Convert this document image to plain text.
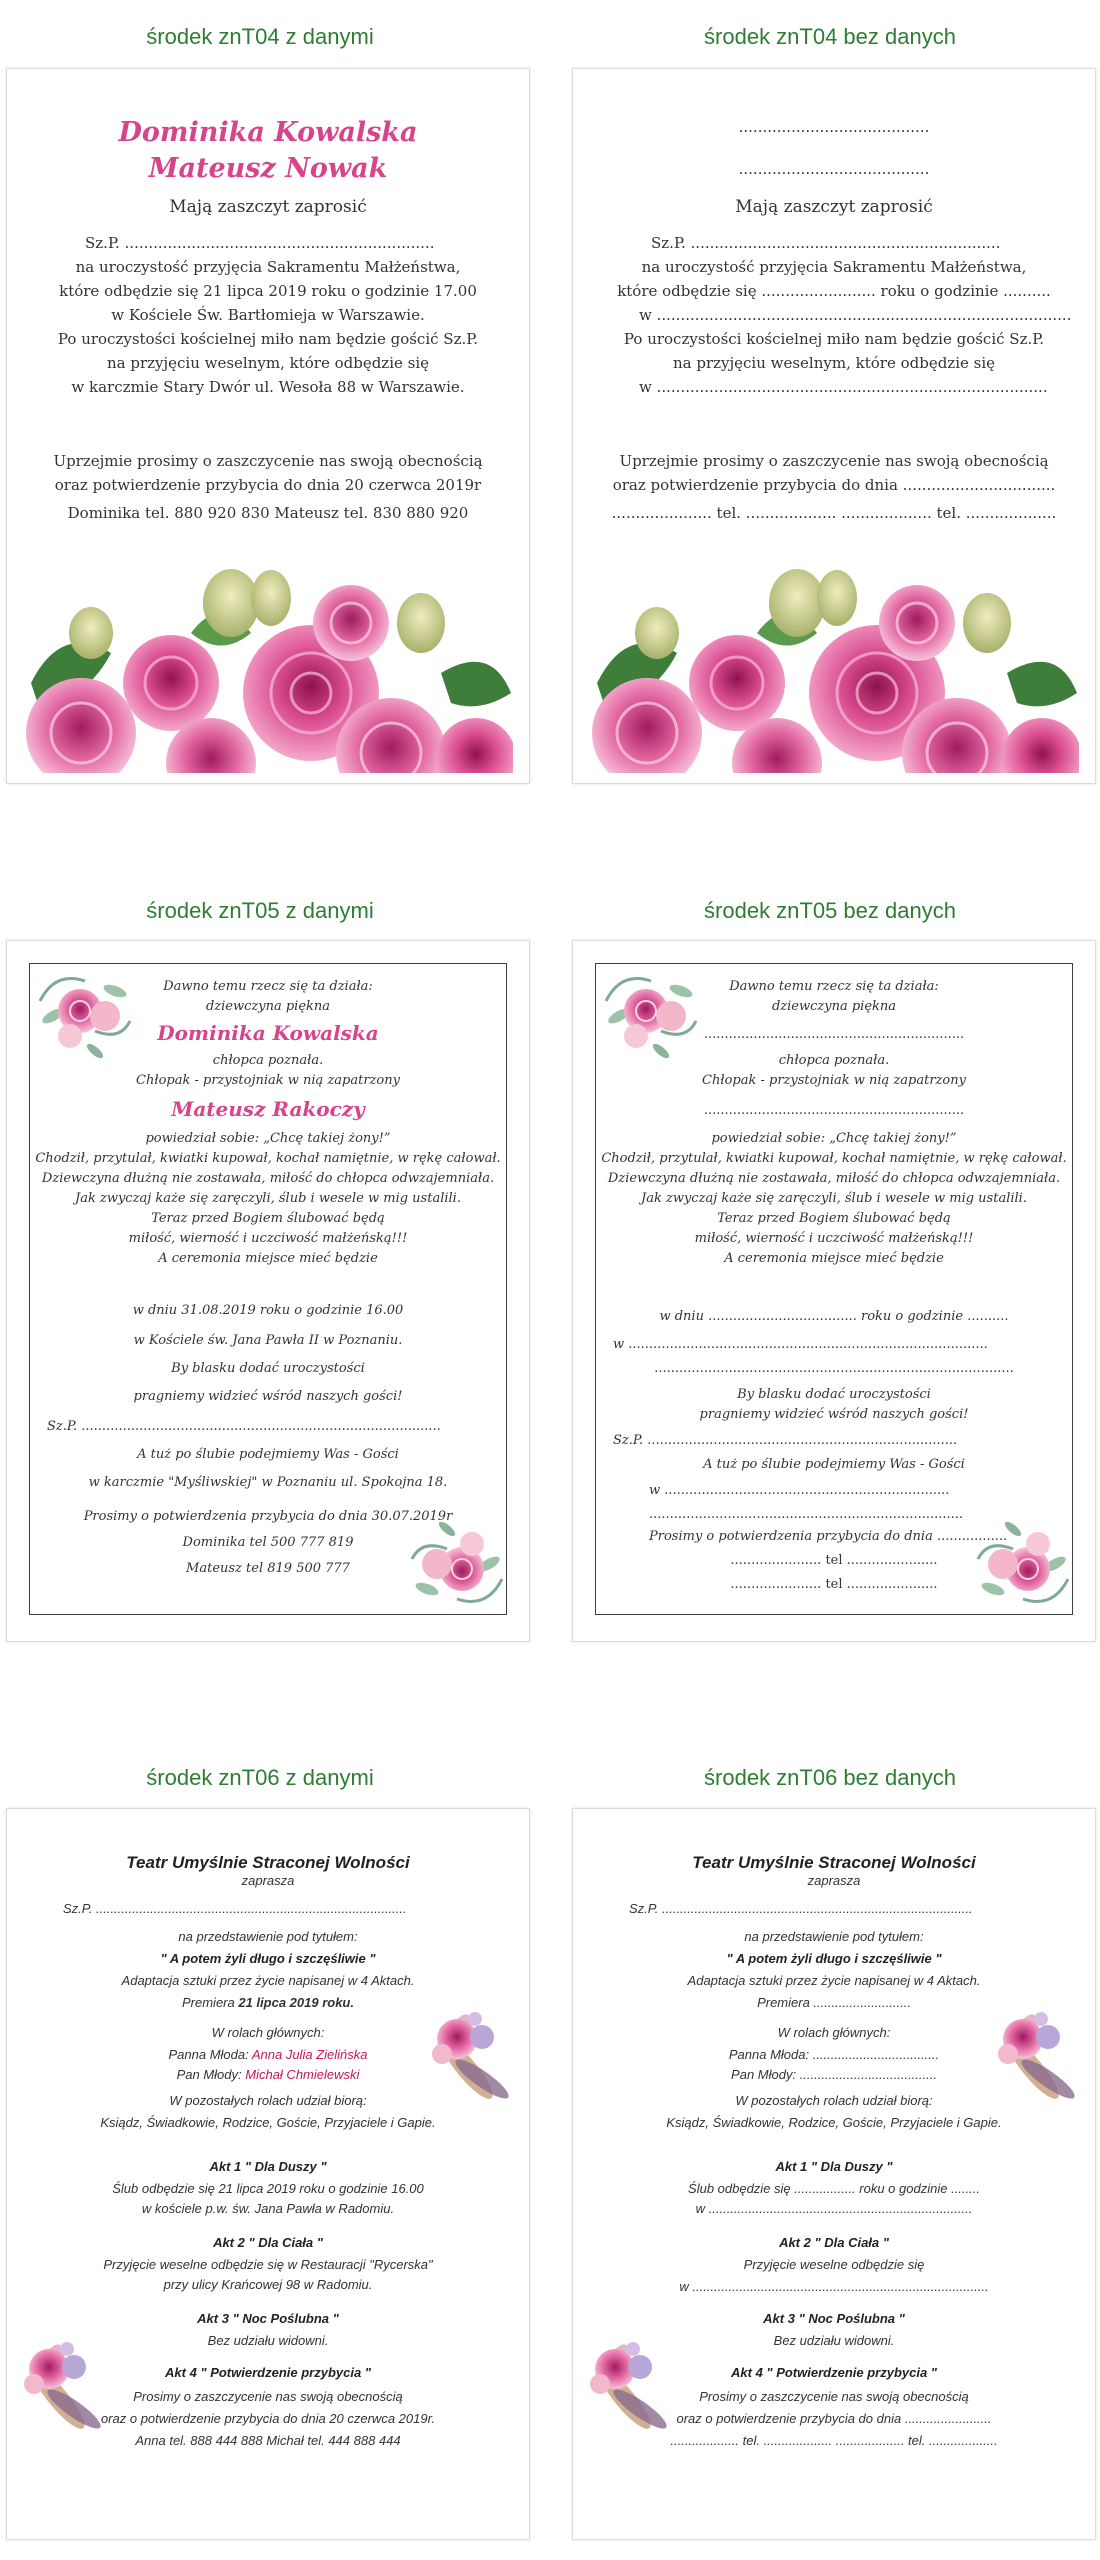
środek znT04 z danymi	środek znT04 bez danych
środek znT05 z danymi	środek znT05 bez danych
środek znT06 z danymi	środek znT06 bez danych
Dominika Kowalska
Mateusz Nowak
Mają zaszczyt zaprosić
Sz.P. .................................................................
na uroczystość przyjęcia Sakramentu Małżeństwa,
które odbędzie się 21 lipca 2019 roku o godzinie 17.00
w Kościele Św. Bartłomieja w Warszawie.
Po uroczystości kościelnej miło nam będzie gościć Sz.P.
na przyjęciu weselnym, które odbędzie się
w karczmie Stary Dwór ul. Wesoła 88 w Warszawie.
Uprzejmie prosimy o zaszczycenie nas swoją obecnością
oraz potwierdzenie przybycia do dnia 20 czerwca 2019r
Dominika tel. 880 920 830 Mateusz tel. 830 880 920
........................................
........................................
Mają zaszczyt zaprosić
Sz.P. .................................................................
na uroczystość przyjęcia Sakramentu Małżeństwa,
które odbędzie się ........................ roku o godzinie ..........
w .......................................................................................
Po uroczystości kościelnej miło nam będzie gościć Sz.P.
na przyjęciu weselnym, które odbędzie się
w ..................................................................................
Uprzejmie prosimy o zaszczycenie nas swoją obecnością
oraz potwierdzenie przybycia do dnia ................................
..................... tel. ................... ................... tel. ...................
Dawno temu rzecz się ta działa:
dziewczyna piękna
Dominika Kowalska
chłopca poznała.
Chłopak - przystojniak w nią zapatrzony
Mateusz Rakoczy
powiedział sobie: „Chcę takiej żony!”
Chodził, przytulał, kwiatki kupował, kochał namiętnie, w rękę całował.
Dziewczyna dłużną nie zostawała, miłość do chłopca odwzajemniała.
Jak zwyczaj każe się zaręczyli, ślub i wesele w mig ustalili.
Teraz przed Bogiem ślubować będą
miłość, wierność i uczciwość małżeńską!!!
A ceremonia miejsce mieć będzie
w dniu 31.08.2019 roku o godzinie 16.00
w Kościele św. Jana Pawła II w Poznaniu.
By blasku dodać uroczystości
pragniemy widzieć wśród naszych gości!
Sz.P. .......................................................................................
A tuż po ślubie podejmiemy Was - Gości
w karczmie "Myśliwskiej" w Poznaniu ul. Spokojna 18.
Prosimy o potwierdzenia przybycia do dnia 30.07.2019r
Dominika tel 500 777 819
Mateusz tel 819 500 777
Dawno temu rzecz się ta działa:
dziewczyna piękna
...............................................................
chłopca poznała.
Chłopak - przystojniak w nią zapatrzony
...............................................................
powiedział sobie: „Chcę takiej żony!”
Chodził, przytulał, kwiatki kupował, kochał namiętnie, w rękę całował.
Dziewczyna dłużną nie zostawała, miłość do chłopca odwzajemniała.
Jak zwyczaj każe się zaręczyli, ślub i wesele w mig ustalili.
Teraz przed Bogiem ślubować będą
miłość, wierność i uczciwość małżeńską!!!
A ceremonia miejsce mieć będzie
w dniu .................................... roku o godzinie ..........
w .......................................................................................
.......................................................................................
By blasku dodać uroczystości
pragniemy widzieć wśród naszych gości!
Sz.P. ...........................................................................
A tuż po ślubie podejmiemy Was - Gości
w .....................................................................
............................................................................
Prosimy o potwierdzenia przybycia do dnia .................
...................... tel ......................
...................... tel ......................
Teatr Umyślnie Straconej Wolności
zaprasza
Sz.P. ......................................................................................
na przedstawienie pod tytułem:
" A potem żyli długo i szczęśliwie "
Adaptacja sztuki przez życie napisanej w 4 Aktach.
Premiera 21 lipca 2019 roku.
W rolach głównych:
Panna Młoda: Anna Julia Zielińska
Pan Młody: Michał Chmielewski
W pozostałych rolach udział biorą:
Ksiądz, Świadkowie, Rodzice, Goście, Przyjaciele i Gapie.
Akt 1 " Dla Duszy "
Ślub odbędzie się 21 lipca 2019 roku o godzinie 16.00
w kościele p.w. św. Jana Pawła w Radomiu.
Akt 2 " Dla Ciała "
Przyjęcie weselne odbędzie się w Restauracji "Rycerska"
przy ulicy Krańcowej 98 w Radomiu.
Akt 3 " Noc Poślubna "
Bez udziału widowni.
Akt 4 " Potwierdzenie przybycia "
Prosimy o zaszczycenie nas swoją obecnością
oraz o potwierdzenie przybycia do dnia 20 czerwca 2019r.
Anna tel. 888 444 888 Michał tel. 444 888 444
Teatr Umyślnie Straconej Wolności
zaprasza
Sz.P. ......................................................................................
na przedstawienie pod tytułem:
" A potem żyli długo i szczęśliwie "
Adaptacja sztuki przez życie napisanej w 4 Aktach.
Premiera ...........................
W rolach głównych:
Panna Młoda: ...................................
Pan Młody: ......................................
W pozostałych rolach udział biorą:
Ksiądz, Świadkowie, Rodzice, Goście, Przyjaciele i Gapie.
Akt 1 " Dla Duszy "
Ślub odbędzie się ................. roku o godzinie ........
w .........................................................................
Akt 2 " Dla Ciała "
Przyjęcie weselne odbędzie się
w ..................................................................................
Akt 3 " Noc Poślubna "
Bez udziału widowni.
Akt 4 " Potwierdzenie przybycia "
Prosimy o zaszczycenie nas swoją obecnością
oraz o potwierdzenie przybycia do dnia ........................
................... tel. ................... ................... tel. ...................
